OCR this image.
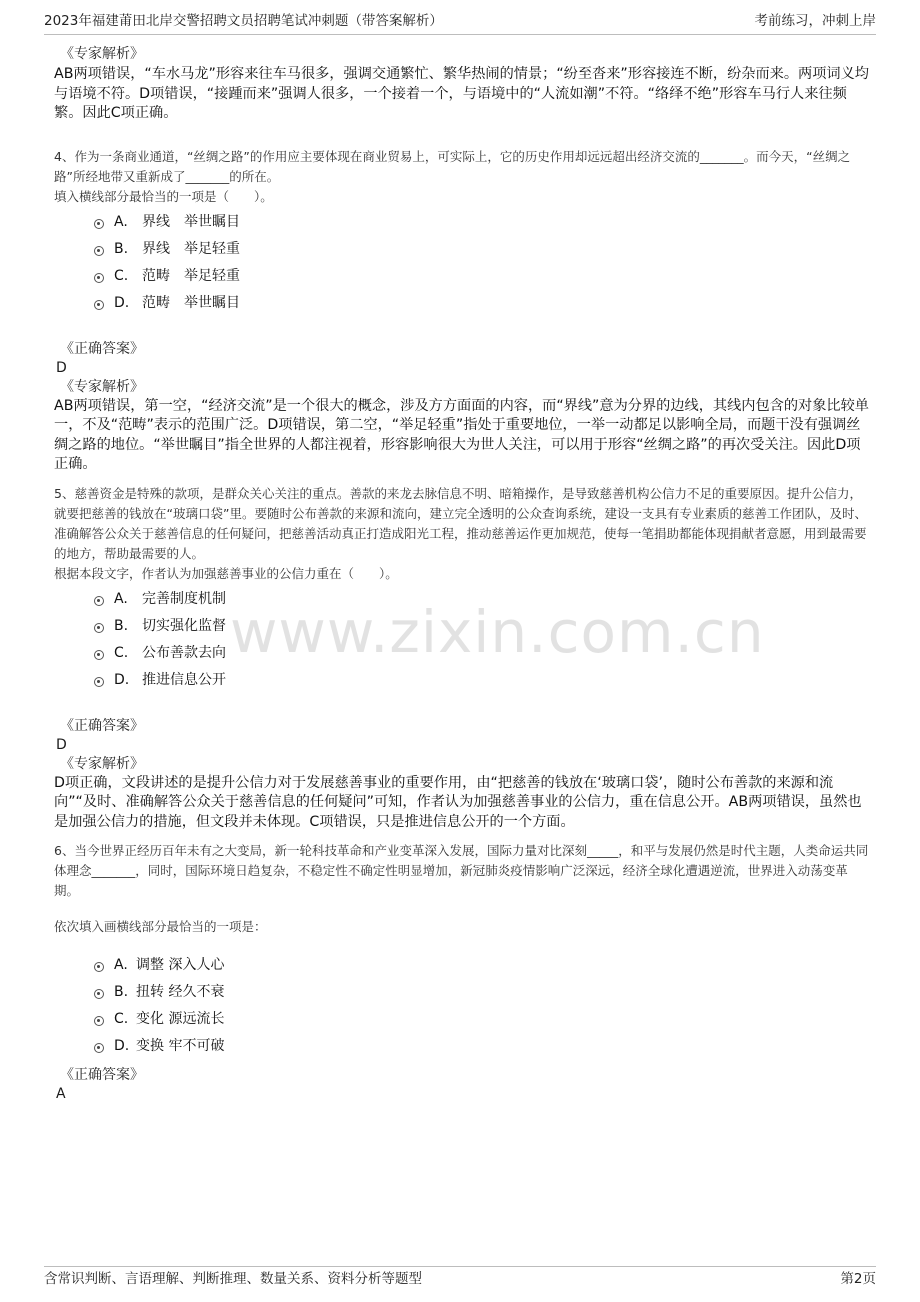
2023年福建莆田北岸交警招聘文员招聘笔试冲刺题（带答案解析）	考前练习，冲刺上岸
www.zixin.com.cn

《专家解析》

AB两项错误，“车水马龙”形容来往车马很多，强调交通繁忙、繁华热闹的情景；“纷至沓来”形容接连不断，纷杂而来。两项词义均与语境不符。D项错误，“接踵而来”强调人很多，一个接着一个，与语境中的“人流如潮”不符。“络绎不绝”形容车马行人来往频繁。因此C项正确。

4、作为一条商业通道，“丝绸之路”的作用应主要体现在商业贸易上，可实际上，它的历史作用却远远超出经济交流的_______。而今天，“丝绸之路”所经地带又重新成了_______的所在。

填入横线部分最恰当的一项是（　　）。

A. 界线　举世瞩目
B. 界线　举足轻重
C. 范畴　举足轻重
D. 范畴　举世瞩目

《正确答案》

D

《专家解析》

AB两项错误，第一空，“经济交流”是一个很大的概念，涉及方方面面的内容，而“界线”意为分界的边线，其线内包含的对象比较单一，不及“范畴”表示的范围广泛。D项错误，第二空，“举足轻重”指处于重要地位，一举一动都足以影响全局，而题干没有强调丝绸之路的地位。“举世瞩目”指全世界的人都注视着，形容影响很大为世人关注，可以用于形容“丝绸之路”的再次受关注。因此D项正确。

5、慈善资金是特殊的款项，是群众关心关注的重点。善款的来龙去脉信息不明、暗箱操作，是导致慈善机构公信力不足的重要原因。提升公信力，就要把慈善的钱放在“玻璃口袋”里。要随时公布善款的来源和流向，建立完全透明的公众查询系统，建设一支具有专业素质的慈善工作团队，及时、准确解答公众关于慈善信息的任何疑问，把慈善活动真正打造成阳光工程，推动慈善运作更加规范，使每一笔捐助都能体现捐献者意愿，用到最需要的地方，帮助最需要的人。

根据本段文字，作者认为加强慈善事业的公信力重在（　　）。

A. 完善制度机制
B. 切实强化监督
C. 公布善款去向
D. 推进信息公开

《正确答案》

D

《专家解析》

D项正确，文段讲述的是提升公信力对于发展慈善事业的重要作用，由“把慈善的钱放在‘玻璃口袋’，随时公布善款的来源和流向”“及时、准确解答公众关于慈善信息的任何疑问”可知，作者认为加强慈善事业的公信力，重在信息公开。AB两项错误，虽然也是加强公信力的措施，但文段并未体现。C项错误，只是推进信息公开的一个方面。

6、当今世界正经历百年未有之大变局，新一轮科技革命和产业变革深入发展，国际力量对比深刻_____，和平与发展仍然是时代主题，人类命运共同体理念_______，同时，国际环境日趋复杂，不稳定性不确定性明显增加，新冠肺炎疫情影响广泛深远，经济全球化遭遇逆流，世界进入动荡变革期。

依次填入画横线部分最恰当的一项是：

A. 调整 深入人心
B. 扭转 经久不衰
C. 变化 源远流长
D. 变换 牢不可破

《正确答案》

A

含常识判断、言语理解、判断推理、数量关系、资料分析等题型	第2页
